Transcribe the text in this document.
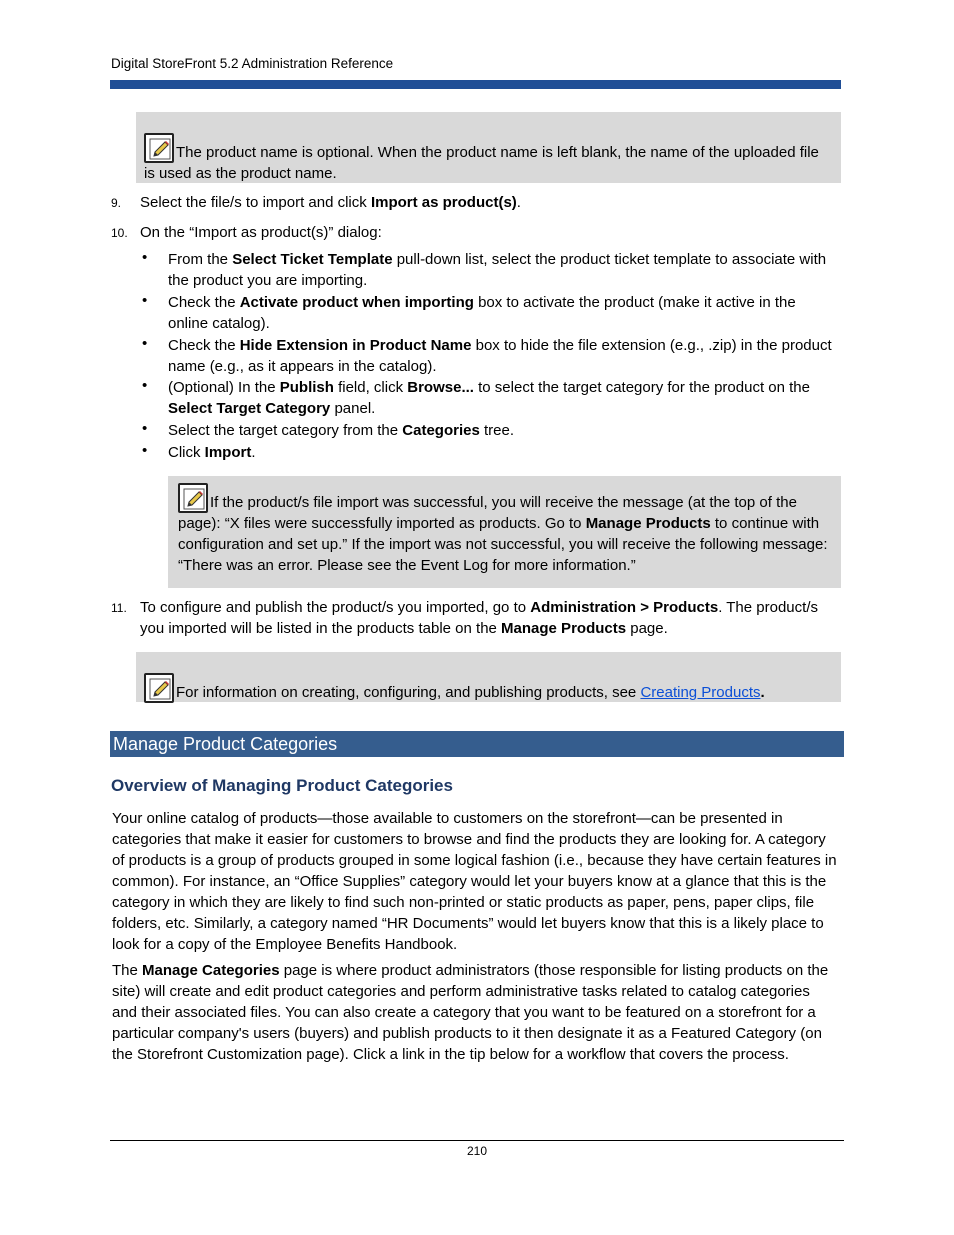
Digital StoreFront 5.2 Administration Reference
The product name is optional. When the product name is left blank, the name of the uploaded file is used as the product name.
9. Select the file/s to import and click Import as product(s).
10. On the “Import as product(s)” dialog:
• From the Select Ticket Template pull-down list, select the product ticket template to associate with the product you are importing.
• Check the Activate product when importing box to activate the product (make it active in the online catalog).
• Check the Hide Extension in Product Name box to hide the file extension (e.g., .zip) in the product name (e.g., as it appears in the catalog).
• (Optional) In the Publish field, click Browse... to select the target category for the product on the Select Target Category panel.
• Select the target category from the Categories tree.
• Click Import.
If the product/s file import was successful, you will receive the message (at the top of the page): “X files were successfully imported as products. Go to Manage Products to continue with configuration and set up.” If the import was not successful, you will receive the following message: “There was an error. Please see the Event Log for more information.”
11. To configure and publish the product/s you imported, go to Administration > Products. The product/s you imported will be listed in the products table on the Manage Products page.
For information on creating, configuring, and publishing products, see Creating Products.
Manage Product Categories
Overview of Managing Product Categories
Your online catalog of products—those available to customers on the storefront—can be presented in categories that make it easier for customers to browse and find the products they are looking for. A category of products is a group of products grouped in some logical fashion (i.e., because they have certain features in common). For instance, an “Office Supplies” category would let your buyers know at a glance that this is the category in which they are likely to find such non-printed or static products as paper, pens, paper clips, file folders, etc. Similarly, a category named “HR Documents” would let buyers know that this is a likely place to look for a copy of the Employee Benefits Handbook.
The Manage Categories page is where product administrators (those responsible for listing products on the site) will create and edit product categories and perform administrative tasks related to catalog categories and their associated files. You can also create a category that you want to be featured on a storefront for a particular company's users (buyers) and publish products to it then designate it as a Featured Category (on the Storefront Customization page). Click a link in the tip below for a workflow that covers the process.
210
